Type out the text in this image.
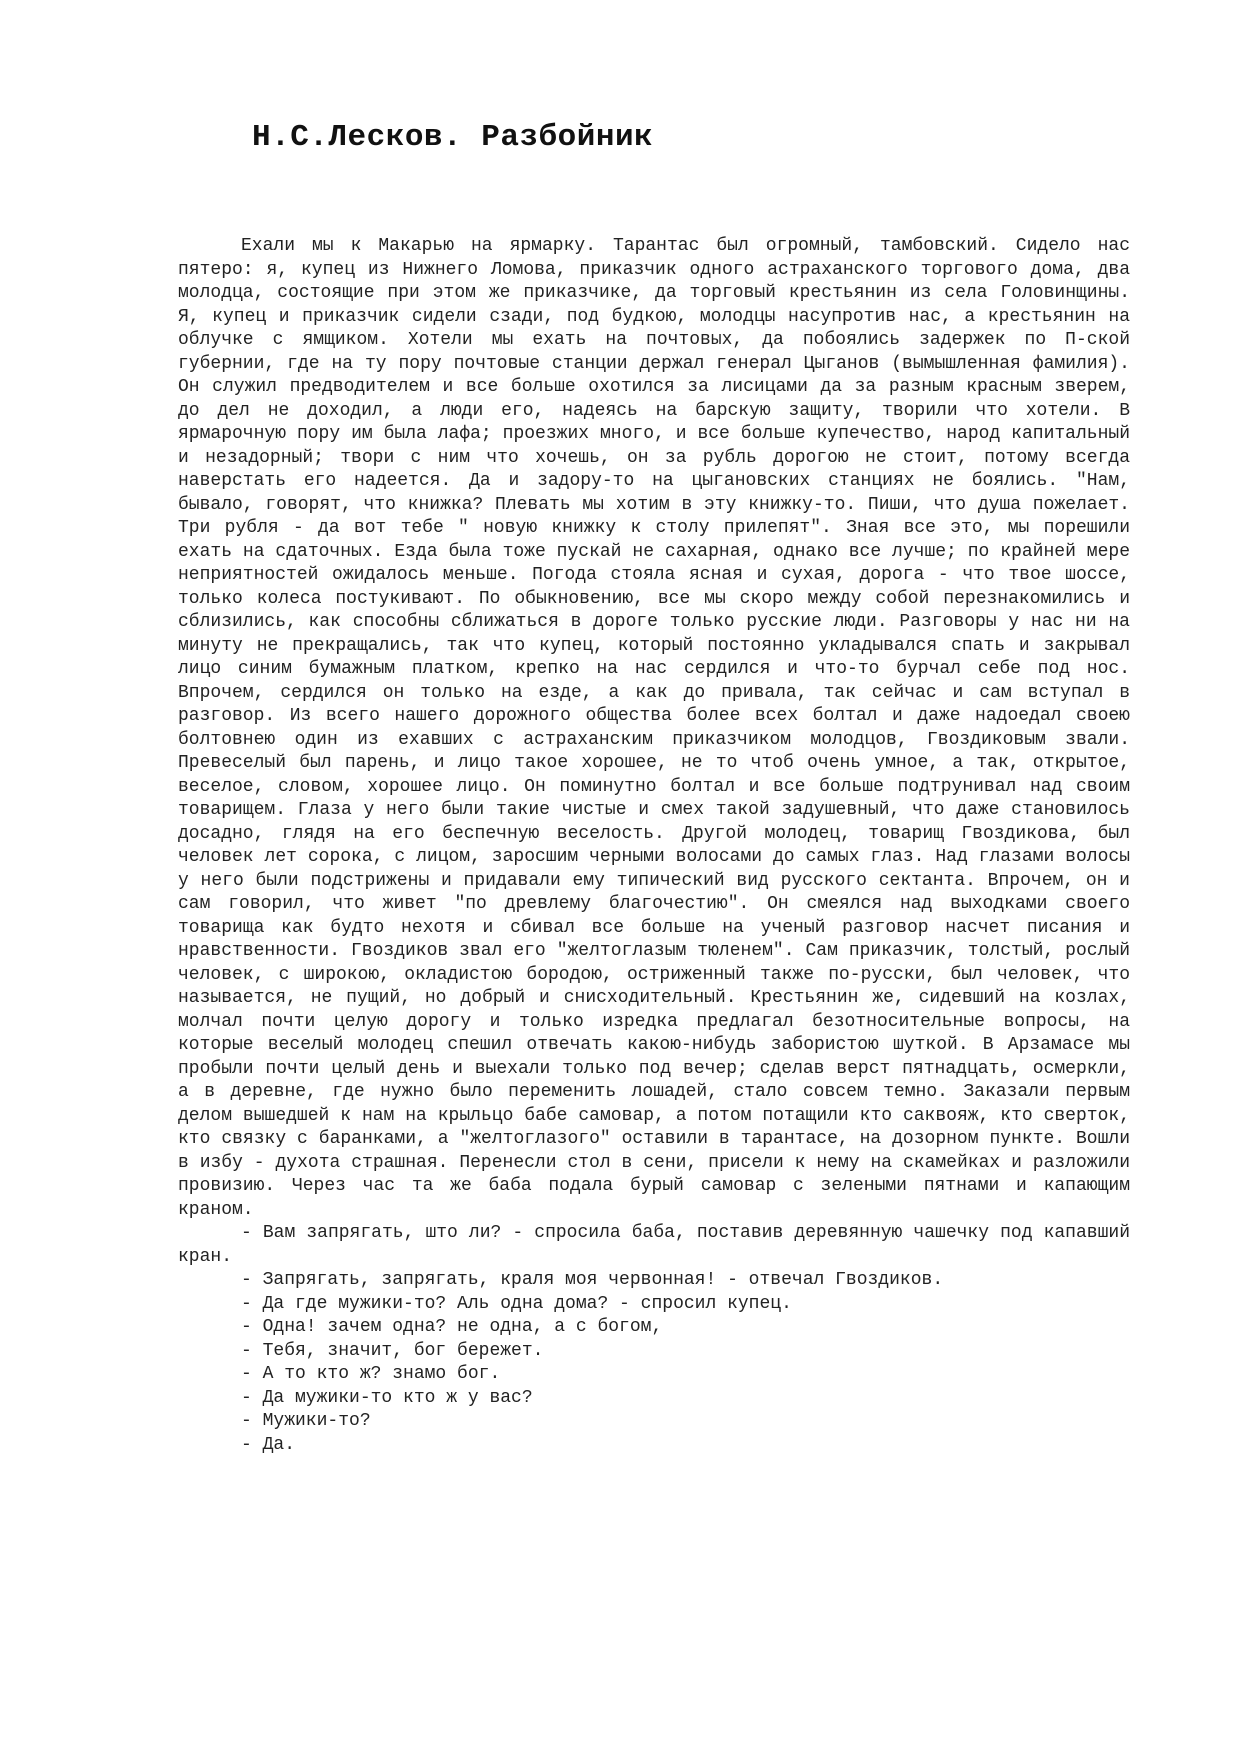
Н.С.Лесков. Разбойник

Ехали мы к Макарью на ярмарку. Тарантас был огромный, тамбовский. Сидело нас пятеро: я, купец из Нижнего Ломова, приказчик одного астраханского торгового дома, два молодца, состоящие при этом же приказчике, да торговый крестьянин из села Головинщины. Я, купец и приказчик сидели сзади, под будкою, молодцы насупротив нас, а крестьянин на облучке с ямщиком. Хотели мы ехать на почтовых, да побоялись задержек по П-ской губернии, где на ту пору почтовые станции держал генерал Цыганов (вымышленная фамилия). Он служил предводителем и все больше охотился за лисицами да за разным красным зверем, до дел не доходил, а люди его, надеясь на барскую защиту, творили что хотели. В ярмарочную пору им была лафа; проезжих много, и все больше купечество, народ капитальный и незадорный; твори с ним что хочешь, он за рубль дорогою не стоит, потому всегда наверстать его надеется. Да и задору-то на цыгановских станциях не боялись. "Нам, бывало, говорят, что книжка? Плевать мы хотим в эту книжку-то. Пиши, что душа пожелает. Три рубля - да вот тебе " новую книжку к столу прилепят". Зная все это, мы порешили ехать на сдаточных. Езда была тоже пускай не сахарная, однако все лучше; по крайней мере неприятностей ожидалось меньше. Погода стояла ясная и сухая, дорога - что твое шоссе, только колеса постукивают. По обыкновению, все мы скоро между собой перезнакомились и сблизились, как способны сближаться в дороге только русские люди. Разговоры у нас ни на минуту не прекращались, так что купец, который постоянно укладывался спать и закрывал лицо синим бумажным платком, крепко на нас сердился и что-то бурчал себе под нос. Впрочем, сердился он только на езде, а как до привала, так сейчас и сам вступал в разговор. Из всего нашего дорожного общества более всех болтал и даже надоедал своею болтовнею один из ехавших с астраханским приказчиком молодцов, Гвоздиковым звали. Превеселый был парень, и лицо такое хорошее, не то чтоб очень умное, а так, открытое, веселое, словом, хорошее лицо. Он поминутно болтал и все больше подтрунивал над своим товарищем. Глаза у него были такие чистые и смех такой задушевный, что даже становилось досадно, глядя на его беспечную веселость. Другой молодец, товарищ Гвоздикова, был человек лет сорока, с лицом, заросшим черными волосами до самых глаз. Над глазами волосы у него были подстрижены и придавали ему типический вид русского сектанта. Впрочем, он и сам говорил, что живет "по древлему благочестию". Он смеялся над выходками своего товарища как будто нехотя и сбивал все больше на ученый разговор насчет писания и нравственности. Гвоздиков звал его "желтоглазым тюленем". Сам приказчик, толстый, рослый человек, с широкою, окладистою бородою, остриженный также по-русски, был человек, что называется, не пущий, но добрый и снисходительный. Крестьянин же, сидевший на козлах, молчал почти целую дорогу и только изредка предлагал безотносительные вопросы, на которые веселый молодец спешил отвечать какою-нибудь забористою шуткой. В Арзамасе мы пробыли почти целый день и выехали только под вечер; сделав верст пятнадцать, осмеркли, а в деревне, где нужно было переменить лошадей, стало совсем темно. Заказали первым делом вышедшей к нам на крыльцо бабе самовар, а потом потащили кто саквояж, кто сверток, кто связку с баранками, а "желтоглазого" оставили в тарантасе, на дозорном пункте. Вошли в избу - духота страшная. Перенесли стол в сени, присели к нему на скамейках и разложили провизию. Через час та же баба подала бурый самовар с зелеными пятнами и капающим краном.

- Вам запрягать, што ли? - спросила баба, поставив деревянную чашечку под капавший кран.

- Запрягать, запрягать, краля моя червонная! - отвечал Гвоздиков.

- Да где мужики-то? Аль одна дома? - спросил купец.

- Одна! зачем одна? не одна, а с богом,

- Тебя, значит, бог бережет.

- А то кто ж? знамо бог.

- Да мужики-то кто ж у вас?

- Мужики-то?

- Да.
